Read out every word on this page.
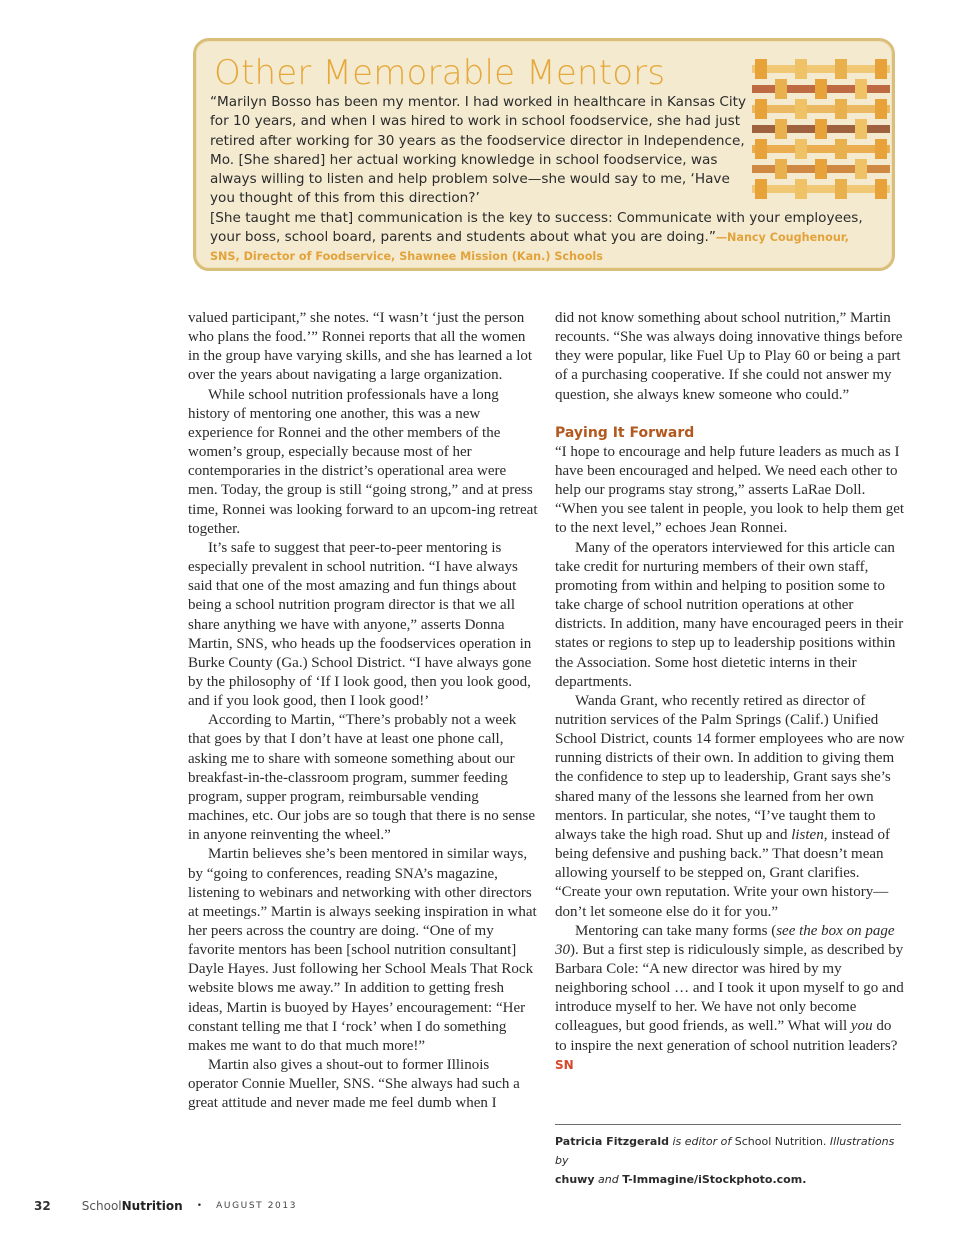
Other Memorable Mentors

“Marilyn Bosso has been my mentor. I had worked in healthcare in Kansas City for 10 years, and when I was hired to work in school foodservice, she had just retired after working for 30 years as the foodservice director in Independence, Mo. [She shared] her actual working knowledge in school foodservice, was always willing to listen and help problem solve—she would say to me, ‘Have you thought of this from this direction?’
[She taught me that] communication is the key to success: Communicate with your employees, your boss, school board, parents and students about what you are doing.”—Nancy Coughenour, SNS, Director of Foodservice, Shawnee Mission (Kan.) Schools

valued participant,” she notes. “I wasn’t ‘just the person who plans the food.’” Ronnei reports that all the women in the group have varying skills, and she has learned a lot over the years about navigating a large organization.

While school nutrition professionals have a long history of mentoring one another, this was a new experience for Ronnei and the other members of the women’s group, especially because most of her contemporaries in the district’s operational area were men. Today, the group is still “going strong,” and at press time, Ronnei was looking forward to an upcom-ing retreat together.

It’s safe to suggest that peer-to-peer mentoring is especially prevalent in school nutrition. “I have always said that one of the most amazing and fun things about being a school nutrition program director is that we all share anything we have with anyone,” asserts Donna Martin, SNS, who heads up the foodservices operation in Burke County (Ga.) School District. “I have always gone by the philosophy of ‘If I look good, then you look good, and if you look good, then I look good!’

According to Martin, “There’s probably not a week that goes by that I don’t have at least one phone call, asking me to share with someone something about our breakfast-in-the-classroom program, summer feeding program, supper program, reimbursable vending machines, etc. Our jobs are so tough that there is no sense in anyone reinventing the wheel.”

Martin believes she’s been mentored in similar ways, by “going to conferences, reading SNA’s magazine, listening to webinars and networking with other directors at meetings.” Martin is always seeking inspiration in what her peers across the country are doing. “One of my favorite mentors has been [school nutrition consultant] Dayle Hayes. Just following her School Meals That Rock website blows me away.” In addition to getting fresh ideas, Martin is buoyed by Hayes’ encouragement: “Her constant telling me that I ‘rock’ when I do something makes me want to do that much more!”

Martin also gives a shout-out to former Illinois operator Connie Mueller, SNS. “She always had such a great attitude and never made me feel dumb when I

did not know something about school nutrition,” Martin recounts. “She was always doing innovative things before they were popular, like Fuel Up to Play 60 or being a part of a purchasing cooperative. If she could not answer my question, she always knew someone who could.”

Paying It Forward

“I hope to encourage and help future leaders as much as I have been encouraged and helped. We need each other to help our programs stay strong,” asserts LaRae Doll. “When you see talent in people, you look to help them get to the next level,” echoes Jean Ronnei.

Many of the operators interviewed for this article can take credit for nurturing members of their own staff, promoting from within and helping to position some to take charge of school nutrition operations at other districts. In addition, many have encouraged peers in their states or regions to step up to leadership positions within the Association. Some host dietetic interns in their departments.

Wanda Grant, who recently retired as director of nutrition services of the Palm Springs (Calif.) Unified School District, counts 14 former employees who are now running districts of their own. In addition to giving them the confidence to step up to leadership, Grant says she’s shared many of the lessons she learned from her own mentors. In particular, she notes, “I’ve taught them to always take the high road. Shut up and listen, instead of being defensive and pushing back.” That doesn’t mean allowing yourself to be stepped on, Grant clarifies. “Create your own reputation. Write your own history—don’t let someone else do it for you.”

Mentoring can take many forms (see the box on page 30). But a first step is ridiculously simple, as described by Barbara Cole: “A new director was hired by my neighboring school … and I took it upon myself to go and introduce myself to her. We have not only become colleagues, but good friends, as well.” What will you do to inspire the next generation of school nutrition leaders? SN

Patricia Fitzgerald is editor of School Nutrition. Illustrations by
chuwy and T-Immagine/iStockphoto.com.
32	SchoolNutrition • AUGUST 2013
